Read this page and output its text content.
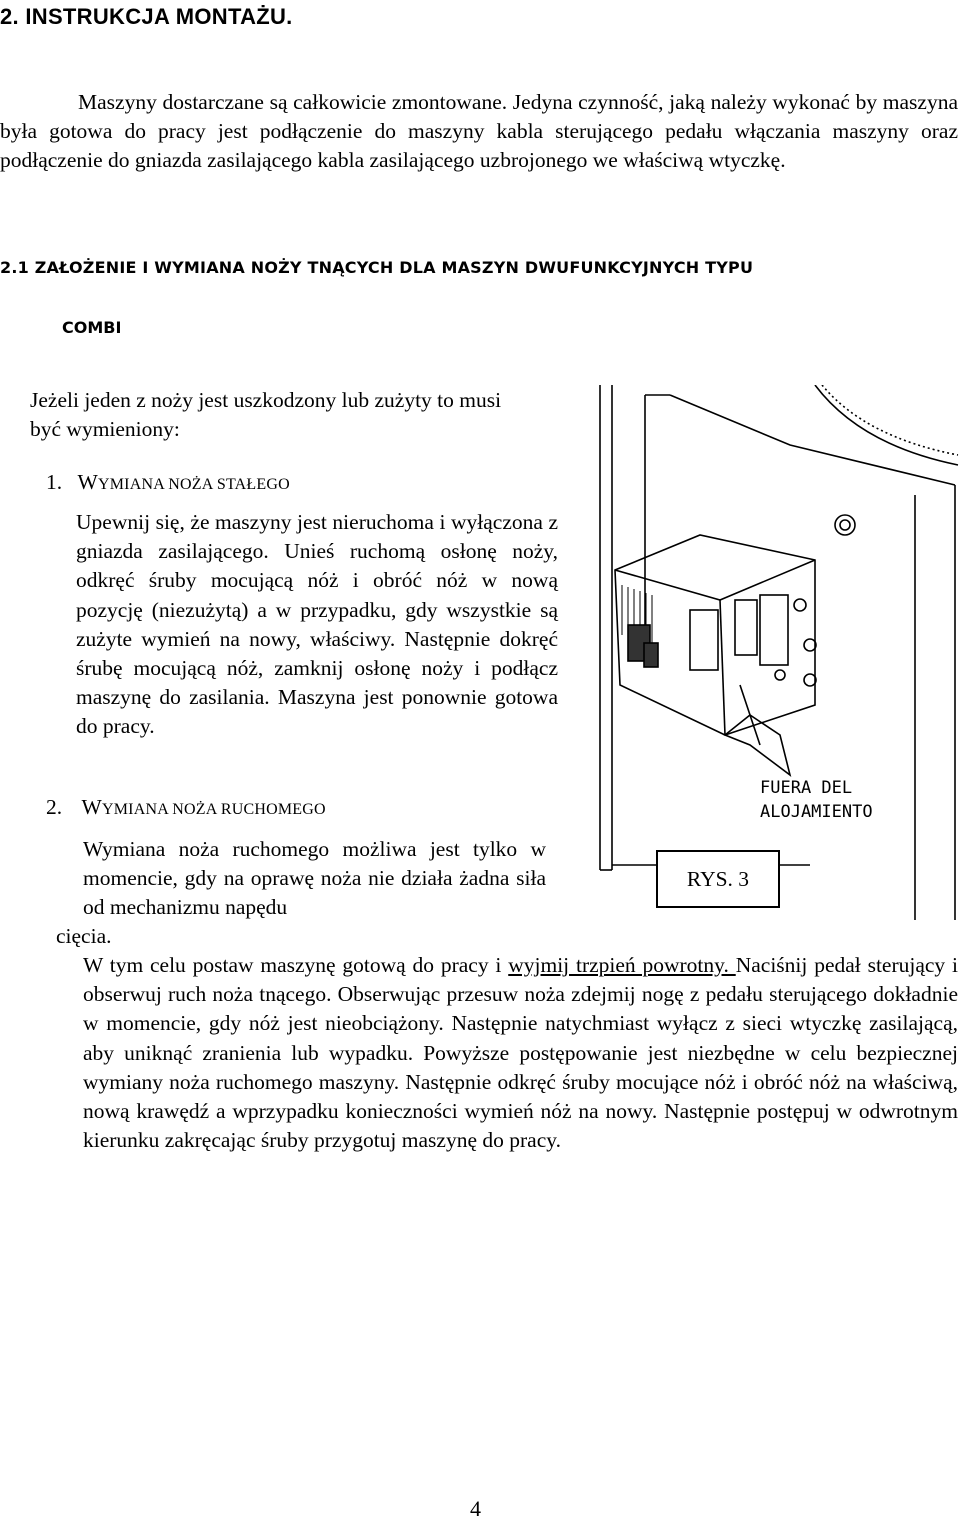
2. INSTRUKCJA MONTAŻU.
Maszyny dostarczane są całkowicie zmontowane. Jedyna czynność, jaką należy wykonać by maszyna była gotowa do pracy jest podłączenie do maszyny kabla sterującego pedału włączania maszyny oraz podłączenie do gniazda zasilającego kabla zasilającego uzbrojonego we właściwą wtyczkę.
2.1 ZAŁOŻENIE I WYMIANA NOŻY TNĄCYCH DLA MASZYN DWUFUNKCYJNYCH TYPU
COMBI
Jeżeli jeden z noży jest uszkodzony lub zużyty to musi być wymieniony:
1. WYMIANA NOŻA STAŁEGO
Upewnij się, że maszyny jest nieruchoma i wyłączona z gniazda zasilającego. Unieś ruchomą osłonę noży, odkręć śruby mocującą nóż i obróć nóż w nową pozycję (niezużytą) a w przypadku, gdy wszystkie są zużyte wymień na nowy, właściwy. Następnie dokręć śrubę mocującą nóż, zamknij osłonę noży i podłącz maszynę do zasilania. Maszyna jest ponownie gotowa do pracy.
2. WYMIANA NOŻA RUCHOMEGO
Wymiana noża ruchomego możliwa jest tylko w momencie, gdy na oprawę noża nie działa żadna siła od mechanizmu napędu
cięcia.
W tym celu postaw maszynę gotową do pracy i wyjmij trzpień powrotny. Naciśnij pedał sterujący i obserwuj ruch noża tnącego. Obserwując przesuw noża zdejmij nogę z pedału sterującego dokładnie w momencie, gdy nóż jest nieobciążony. Następnie natychmiast wyłącz z sieci wtyczkę zasilającą, aby uniknąć zranienia lub wypadku. Powyższe postępowanie jest niezbędne w celu bezpiecznej wymiany noża ruchomego maszyny. Następnie odkręć śruby mocujące nóż i obróć nóż na właściwą, nową krawędź a wprzypadku konieczności wymień nóż na nowy. Następnie postępuj w odwrotnym kierunku zakręcając śruby przygotuj maszynę do pracy.
FUERA DEL
ALOJAMIENTO
RYS. 3
4
